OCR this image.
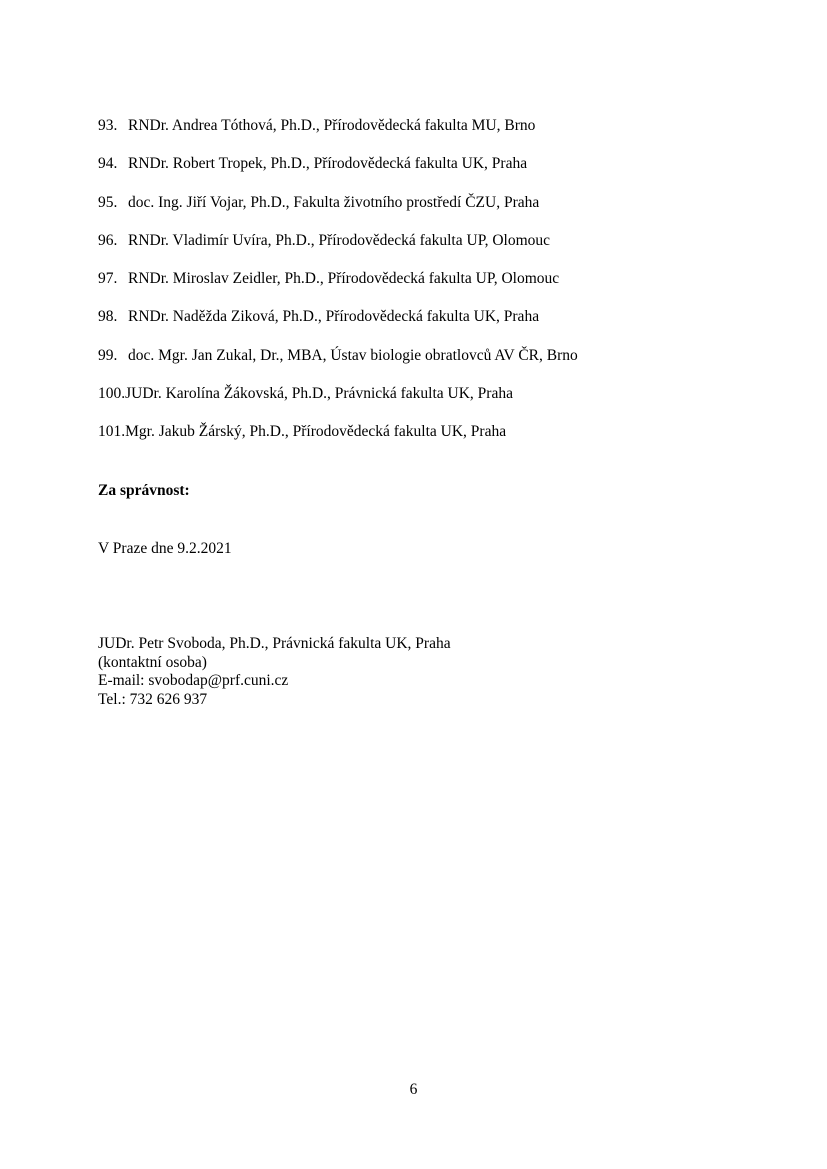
93. RNDr. Andrea Tóthová, Ph.D., Přírodovědecká fakulta MU, Brno
94. RNDr. Robert Tropek, Ph.D., Přírodovědecká fakulta UK, Praha
95. doc. Ing. Jiří Vojar, Ph.D., Fakulta životního prostředí ČZU, Praha
96. RNDr. Vladimír Uvíra, Ph.D., Přírodovědecká fakulta UP, Olomouc
97. RNDr. Miroslav Zeidler, Ph.D., Přírodovědecká fakulta UP, Olomouc
98. RNDr. Naděžda Ziková, Ph.D., Přírodovědecká fakulta UK, Praha
99. doc. Mgr. Jan Zukal, Dr., MBA, Ústav biologie obratlovců AV ČR, Brno
100. JUDr. Karolína Žákovská, Ph.D., Právnická fakulta UK, Praha
101. Mgr. Jakub Žárský, Ph.D., Přírodovědecká fakulta UK, Praha
Za správnost:
V Praze dne 9.2.2021
JUDr. Petr Svoboda, Ph.D., Právnická fakulta UK, Praha
(kontaktní osoba)
E-mail: svobodap@prf.cuni.cz
Tel.: 732 626 937
6
